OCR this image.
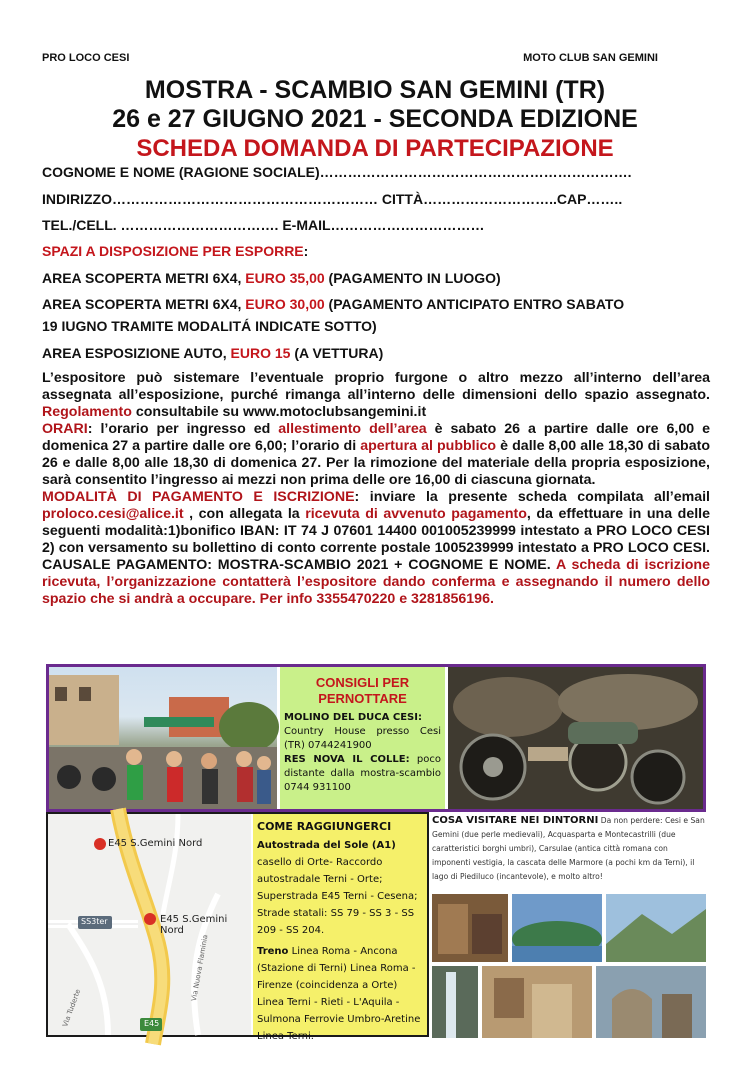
PRO LOCO CESI	MOTO CLUB SAN GEMINI
MOSTRA - SCAMBIO SAN GEMINI (TR)
26 e 27 GIUGNO 2021 - SECONDA EDIZIONE
SCHEDA DOMANDA DI PARTECIPAZIONE
COGNOME E NOME (RAGIONE SOCIALE)………………………………………………………….
INDIRIZZO………………………………………………… CITTÀ………………………..CAP……..
TEL./CELL. ……………………………. E-MAIL……………………………
SPAZI A DISPOSIZIONE PER ESPORRE:
AREA SCOPERTA METRI 6X4, EURO 35,00 (PAGAMENTO IN LUOGO)
AREA SCOPERTA METRI 6X4, EURO 30,00 (PAGAMENTO ANTICIPATO ENTRO SABATO
19 IUGNO TRAMITE MODALITÁ INDICATE SOTTO)
AREA ESPOSIZIONE AUTO, EURO 15 (A VETTURA)

L’espositore può sistemare l’eventuale proprio furgone o altro mezzo all’interno dell’area assegnata all’esposizione, purché rimanga all’interno delle dimensioni dello spazio assegnato. Regolamento consultabile su www.motoclubsangemini.it

ORARI: l’orario per ingresso ed allestimento dell’area è sabato 26 a partire dalle ore 6,00 e domenica 27 a partire dalle ore 6,00; l’orario di apertura al pubblico è dalle 8,00 alle 18,30 di sabato 26 e dalle 8,00 alle 18,30 di domenica 27. Per la rimozione del materiale della propria esposizione, sarà consentito l’ingresso ai mezzi non prima delle ore 16,00 di ciascuna giornata.

MODALITÀ DI PAGAMENTO E ISCRIZIONE: inviare la presente scheda compilata all’email proloco.cesi@alice.it , con allegata la ricevuta di avvenuto pagamento, da effettuare in una delle seguenti modalità:1)bonifico IBAN: IT 74 J 07601 14400 001005239999 intestato a PRO LOCO CESI 2) con versamento su bollettino di conto corrente postale 1005239999 intestato a PRO LOCO CESI. CAUSALE PAGAMENTO: MOSTRA-SCAMBIO 2021 + COGNOME E NOME. A scheda di iscrizione ricevuta, l’organizzazione contatterà l’espositore dando conferma e assegnando il numero dello spazio che si andrà a occupare. Per info 3355470220 e 3281856196.

CONSIGLI PER PERNOTTARE
MOLINO DEL DUCA CESI:
Country House presso Cesi (TR) 0744241900
RES NOVA IL COLLE: poco distante dalla mostra-scambio 0744 931100
E45 S.Gemini Nord
E45 S.Gemini Nord
SS3ter
E45
Via Tuderte
Via Nuova Flaminia
COME RAGGIUNGERCI
Autostrada del Sole (A1) casello di Orte- Raccordo autostradale Terni - Orte; Superstrada E45 Terni - Cesena; Strade statali: SS 79 - SS 3 - SS 209 - SS 204.
Treno Linea Roma - Ancona (Stazione di Terni) Linea Roma - Firenze (coincidenza a Orte) Linea Terni - Rieti - L'Aquila - Sulmona Ferrovie Umbro-Aretine Linea Terni.
COSA VISITARE NEI DINTORNI Da non perdere: Cesi e San Gemini (due perle medievali), Acquasparta e Montecastrilli (due caratteristici borghi umbri), Carsulae (antica città romana con imponenti vestigia, la cascata delle Marmore (a pochi km da Terni), il lago di Piediluco (incantevole), e molto altro!
